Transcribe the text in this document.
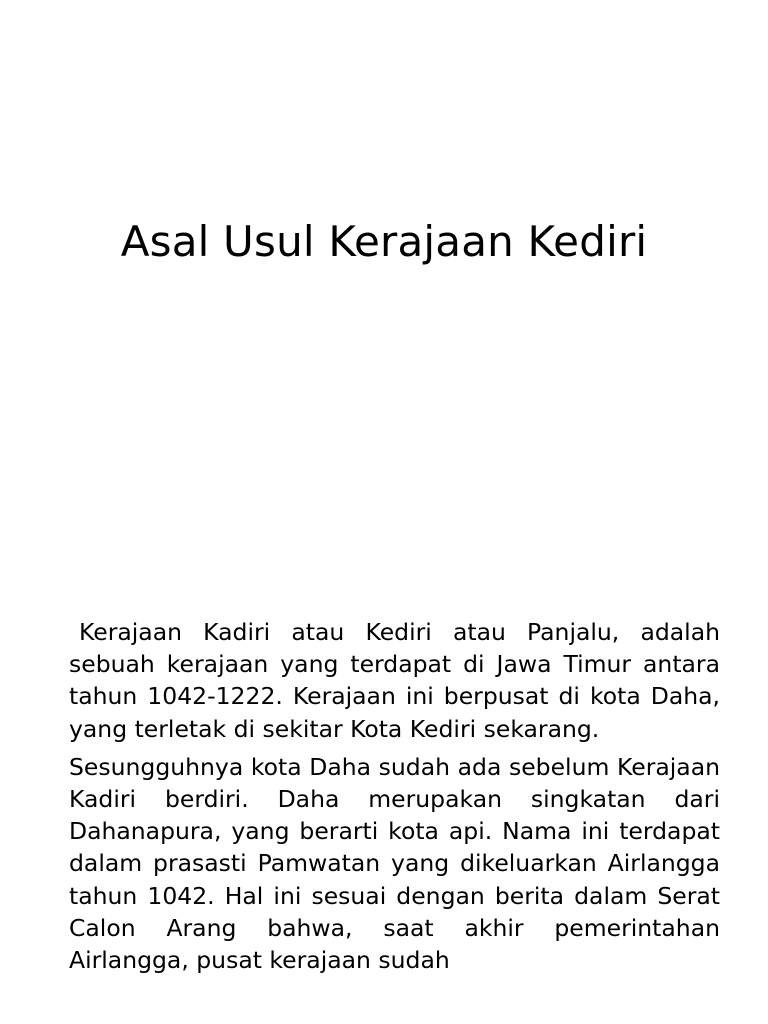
Asal Usul Kerajaan Kediri

Kerajaan Kadiri atau Kediri atau Panjalu, adalah sebuah kerajaan yang terdapat di Jawa Timur antara tahun 1042-1222. Kerajaan ini berpusat di kota Daha, yang terletak di sekitar Kota Kediri sekarang.

Sesungguhnya kota Daha sudah ada sebelum Kerajaan Kadiri berdiri. Daha merupakan singkatan dari Dahanapura, yang berarti kota api. Nama ini terdapat dalam prasasti Pamwatan yang dikeluarkan Airlangga tahun 1042. Hal ini sesuai dengan berita dalam Serat Calon Arang bahwa, saat akhir pemerintahan Airlangga, pusat kerajaan sudah
